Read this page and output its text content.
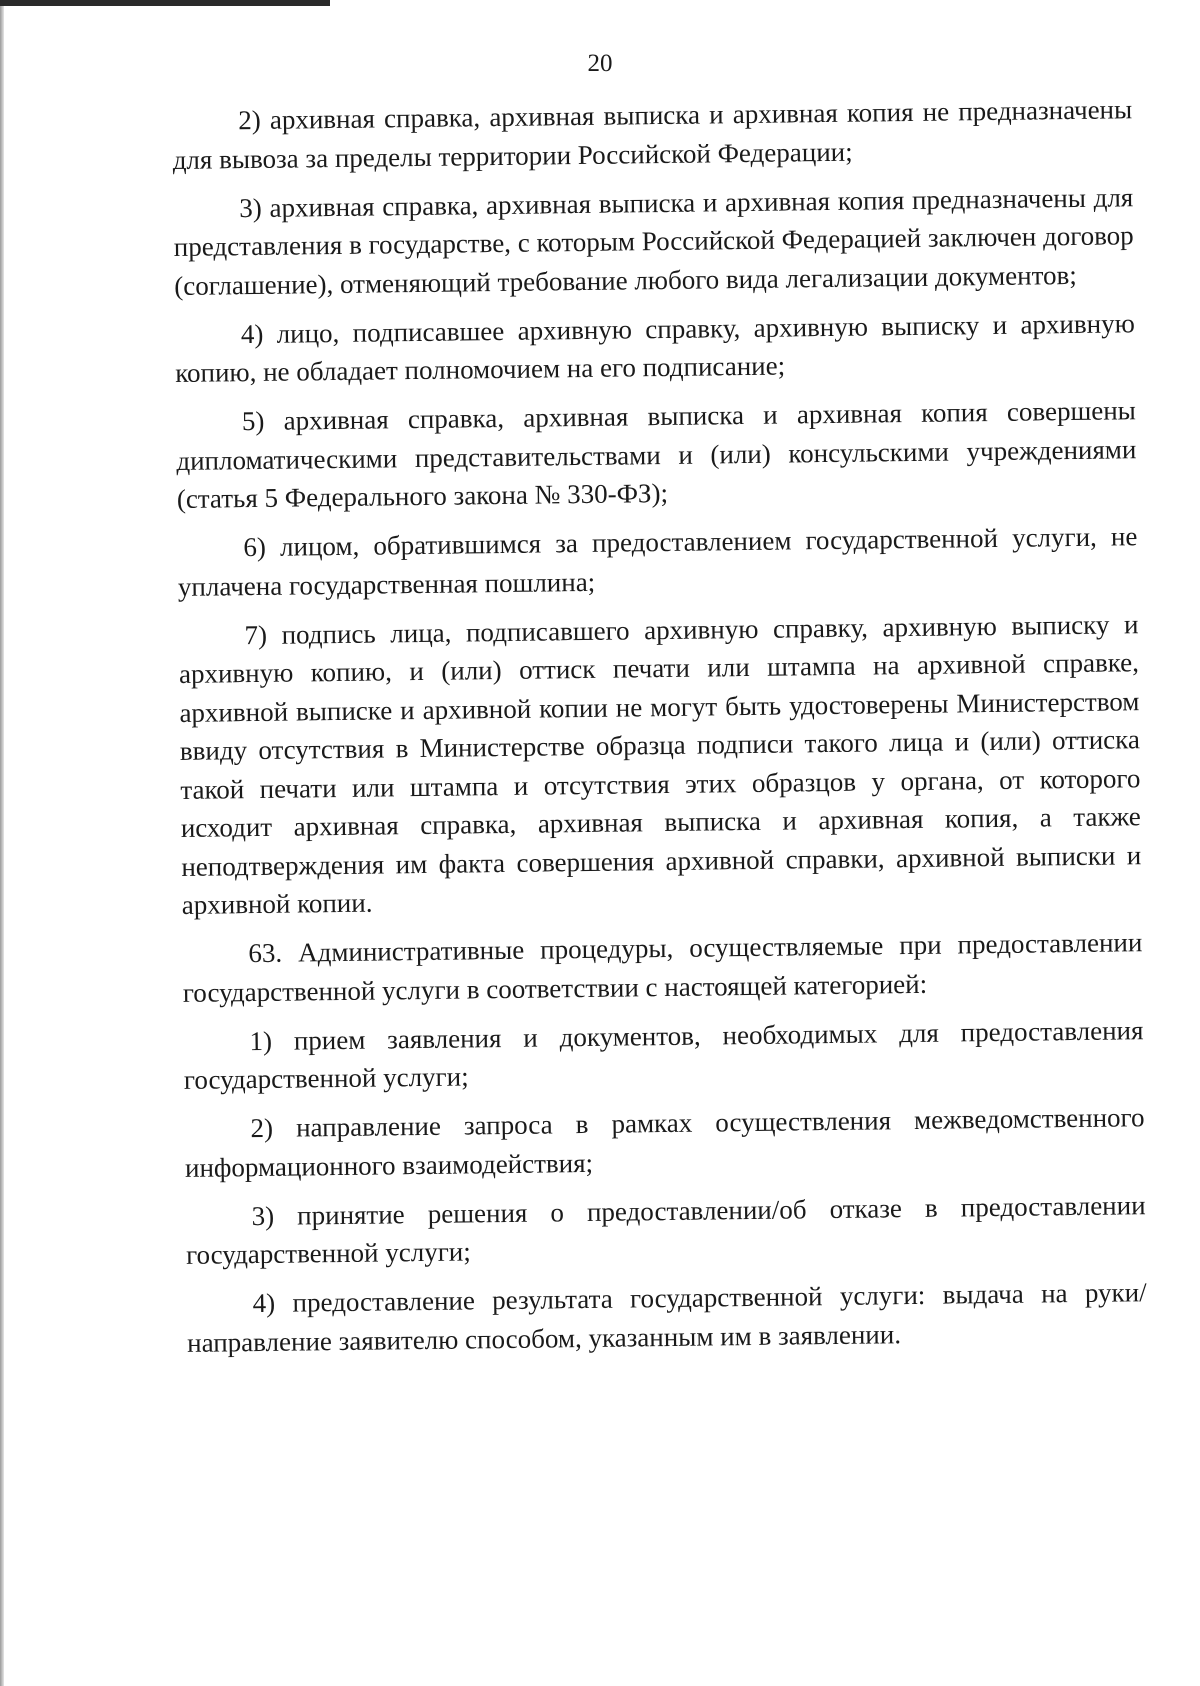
20

2) архивная справка, архивная выписка и архивная копия не предназначены для вывоза за пределы территории Российской Федерации;

3) архивная справка, архивная выписка и архивная копия предназначены для представления в государстве, с которым Российской Федерацией заключен договор (соглашение), отменяющий требование любого вида легализации документов;

4) лицо, подписавшее архивную справку, архивную выписку и архивную копию, не обладает полномочием на его подписание;

5) архивная справка, архивная выписка и архивная копия совершены дипломатическими представительствами и (или) консульскими учреждениями (статья 5 Федерального закона № 330-ФЗ);

6) лицом, обратившимся за предоставлением государственной услуги, не уплачена государственная пошлина;

7) подпись лица, подписавшего архивную справку, архивную выписку и архивную копию, и (или) оттиск печати или штампа на архивной справке, архивной выписке и архивной копии не могут быть удостоверены Министерством ввиду отсутствия в Министерстве образца подписи такого лица и (или) оттиска такой печати или штампа и отсутствия этих образцов у органа, от которого исходит архивная справка, архивная выписка и архивная копия, а также неподтверждения им факта совершения архивной справки, архивной выписки и архивной копии.

63. Административные процедуры, осуществляемые при предоставлении государственной услуги в соответствии с настоящей категорией:

1) прием заявления и документов, необходимых для предоставления государственной услуги;

2) направление запроса в рамках осуществления межведомственного информационного взаимодействия;

3) принятие решения о предоставлении/об отказе в предоставлении государственной услуги;

4) предоставление результата государственной услуги: выдача на руки/направление заявителю способом, указанным им в заявлении.
